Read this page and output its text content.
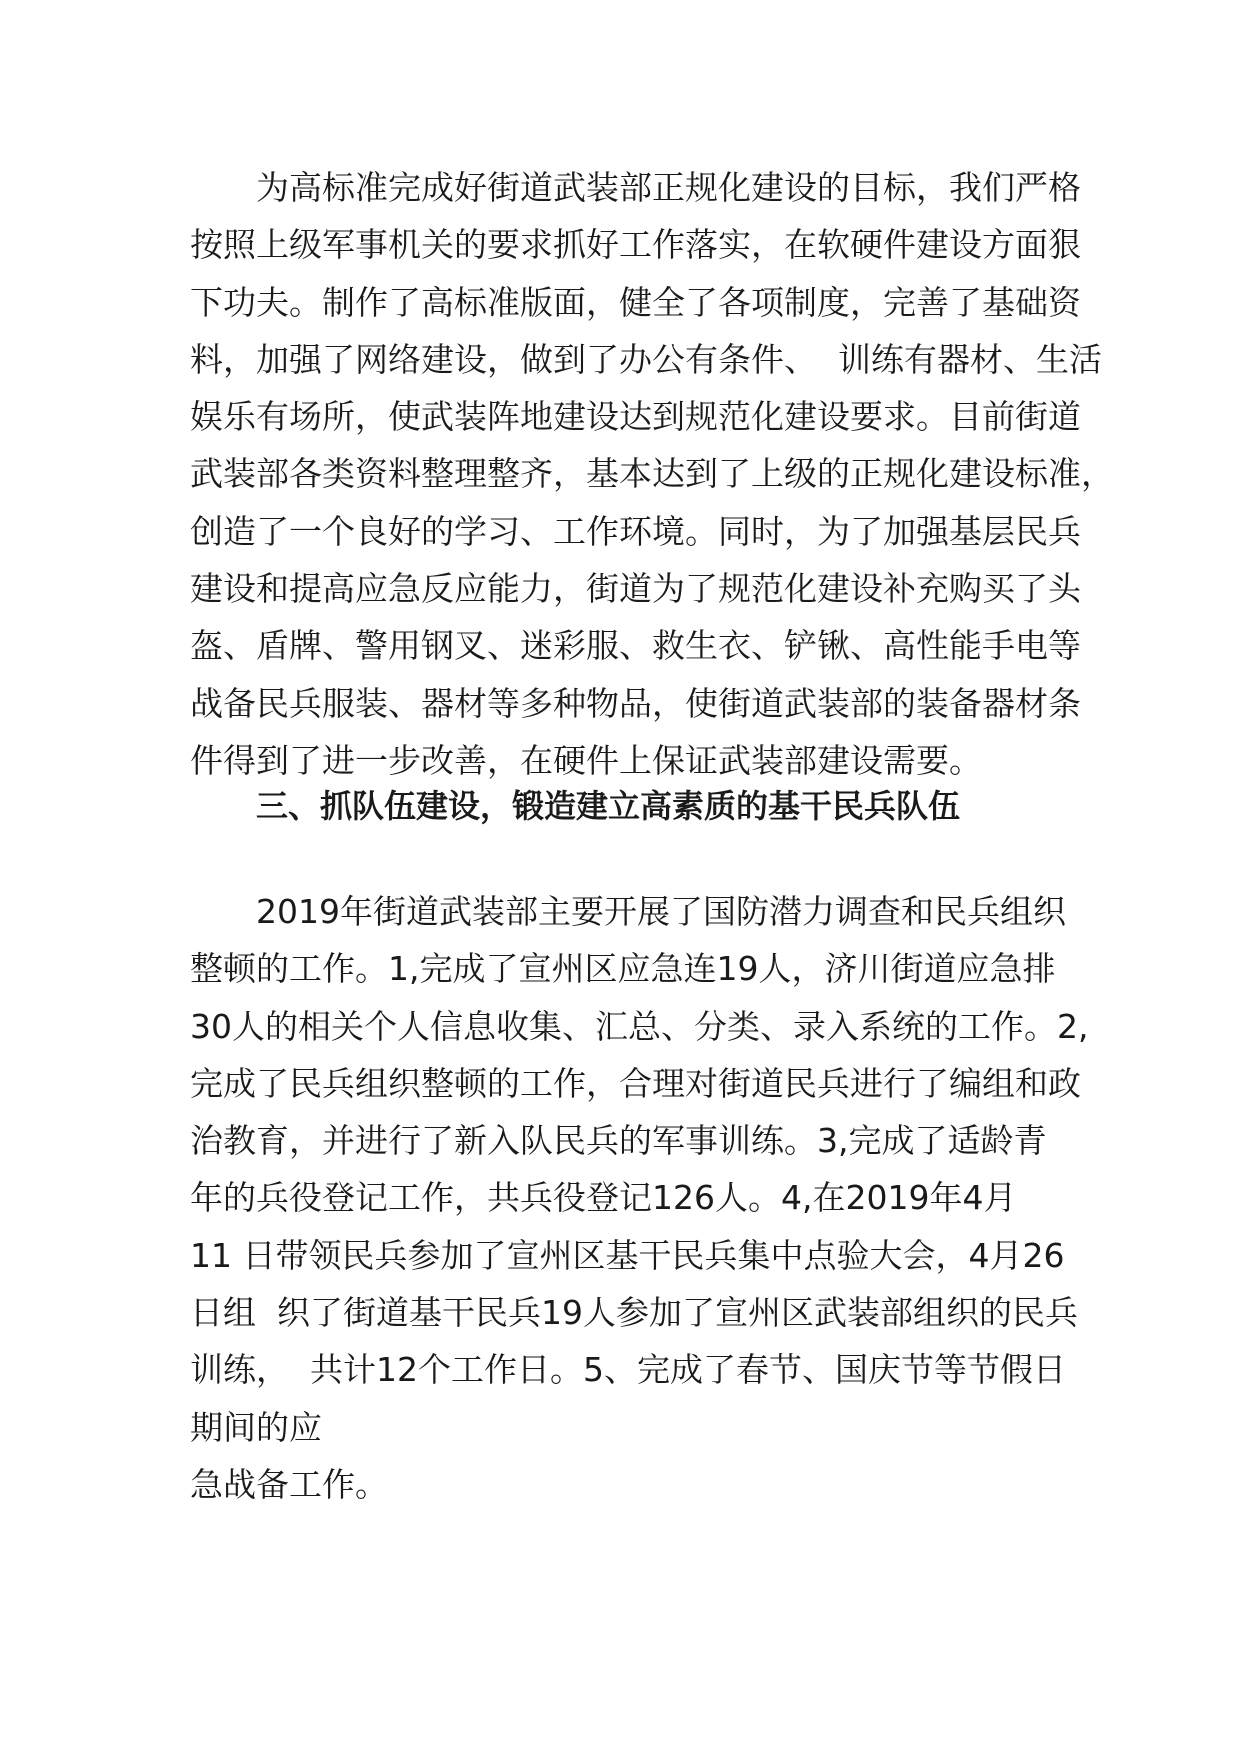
为高标准完成好街道武装部正规化建设的目标，我们严格
按照上级军事机关的要求抓好工作落实，在软硬件建设方面狠
下功夫。制作了高标准版面，健全了各项制度，完善了基础资
料，加强了网络建设，做到了办公有条件、  训练有器材、生活
娱乐有场所，使武装阵地建设达到规范化建设要求。目前街道
武装部各类资料整理整齐，基本达到了上级的正规化建设标准，
创造了一个良好的学习、工作环境。同时，为了加强基层民兵
建设和提高应急反应能力，街道为了规范化建设补充购买了头
盔、盾牌、警用钢叉、迷彩服、救生衣、铲锹、高性能手电等
战备民兵服装、器材等多种物品，使街道武装部的装备器材条
件得到了进一步改善，在硬件上保证武装部建设需要。
三、抓队伍建设，锻造建立高素质的基干民兵队伍
2019年街道武装部主要开展了国防潜力调查和民兵组织
整顿的工作。1,完成了宣州区应急连19人，济川街道应急排
30人的相关个人信息收集、汇总、分类、录入系统的工作。2,
完成了民兵组织整顿的工作，合理对街道民兵进行了编组和政
治教育，并进行了新入队民兵的军事训练。3,完成了适龄青
年的兵役登记工作，共兵役登记126人。4,在2019年4月
11 日带领民兵参加了宣州区基干民兵集中点验大会，4月26
日组  织了街道基干民兵19人参加了宣州区武装部组织的民兵
训练，  共计12个工作日。5、完成了春节、国庆节等节假日
期间的应
急战备工作。
